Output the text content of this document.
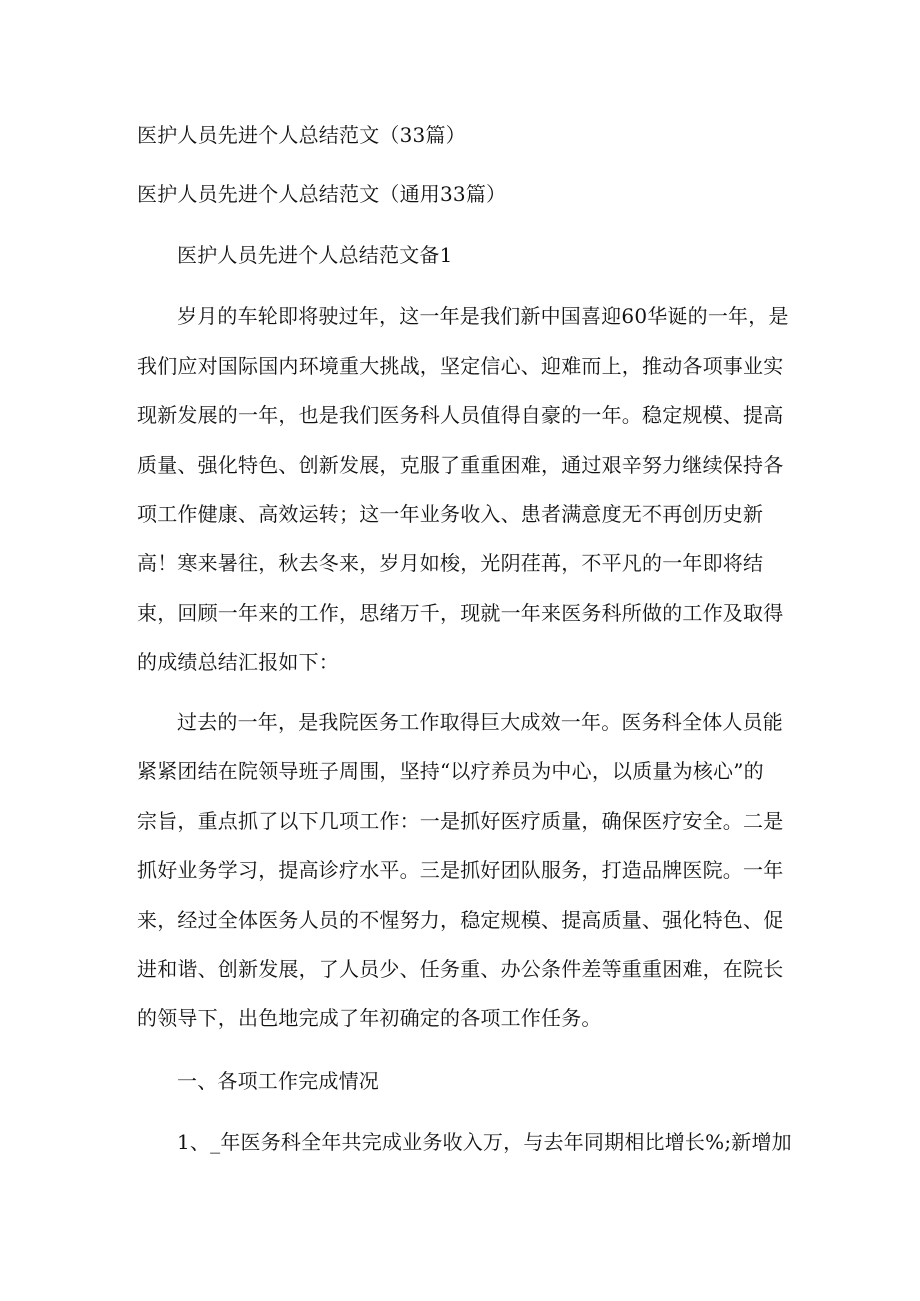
医护人员先进个人总结范文（33篇）
医护人员先进个人总结范文（通用33篇）
医护人员先进个人总结范文备1
岁月的车轮即将驶过年，这一年是我们新中国喜迎60华诞的一年，是
我们应对国际国内环境重大挑战，坚定信心、迎难而上，推动各项事业实
现新发展的一年，也是我们医务科人员值得自豪的一年。稳定规模、提高
质量、强化特色、创新发展，克服了重重困难，通过艰辛努力继续保持各
项工作健康、高效运转；这一年业务收入、患者满意度无不再创历史新
高！寒来暑往，秋去冬来，岁月如梭，光阴荏苒，不平凡的一年即将结
束，回顾一年来的工作，思绪万千，现就一年来医务科所做的工作及取得
的成绩总结汇报如下：
过去的一年，是我院医务工作取得巨大成效一年。医务科全体人员能
紧紧团结在院领导班子周围，坚持“以疗养员为中心，以质量为核心”的
宗旨，重点抓了以下几项工作：一是抓好医疗质量，确保医疗安全。二是
抓好业务学习，提高诊疗水平。三是抓好团队服务，打造品牌医院。一年
来，经过全体医务人员的不惺努力，稳定规模、提高质量、强化特色、促
进和谐、创新发展，了人员少、任务重、办公条件差等重重困难，在院长
的领导下，出色地完成了年初确定的各项工作任务。
一、各项工作完成情况
1、_年医务科全年共完成业务收入万，与去年同期相比增长%;新增加
